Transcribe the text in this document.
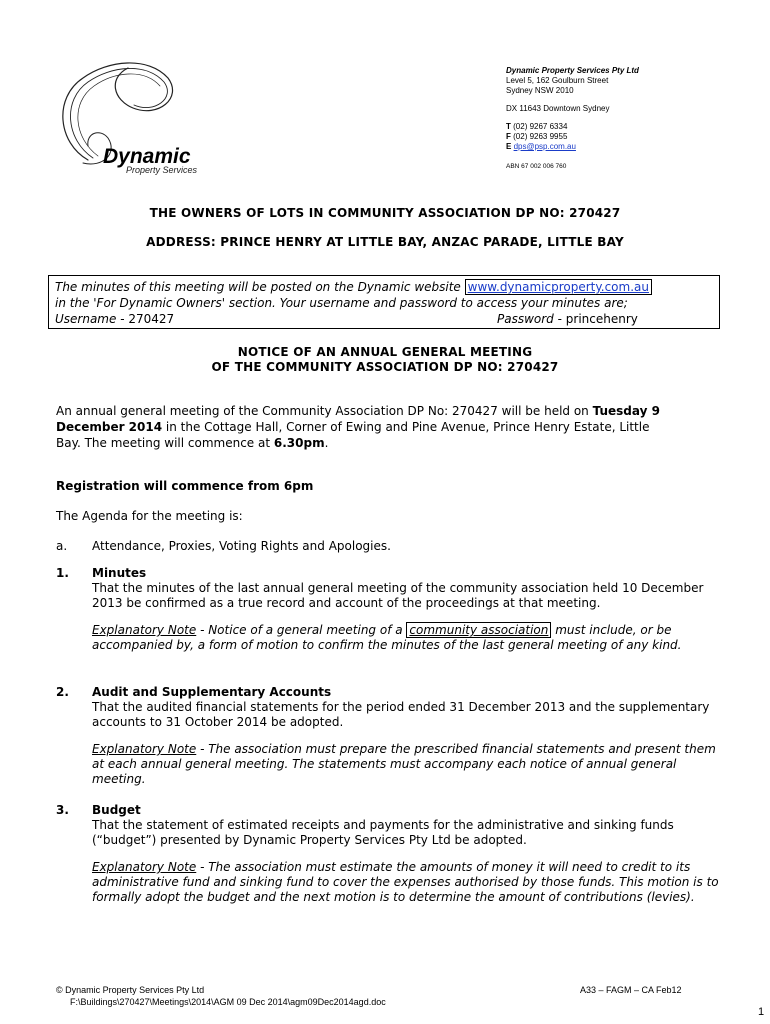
Dynamic
Property Services
Dynamic Property Services Pty Ltd
Level 5, 162 Goulburn Street
Sydney NSW 2010
DX 11643 Downtown Sydney
T (02) 9267 6334
F (02) 9263 9955
E dps@psp.com.au
ABN 67 002 006 760
THE OWNERS OF LOTS IN COMMUNITY ASSOCIATION DP NO: 270427
ADDRESS: PRINCE HENRY AT LITTLE BAY, ANZAC PARADE, LITTLE BAY
The minutes of this meeting will be posted on the Dynamic website www.dynamicproperty.com.au
in the 'For Dynamic Owners' section. Your username and password to access your minutes are;
Username - 270427	Password - princehenry
NOTICE OF AN ANNUAL GENERAL MEETING
OF THE COMMUNITY ASSOCIATION DP NO: 270427
An annual general meeting of the Community Association DP No: 270427 will be held on Tuesday 9
December 2014 in the Cottage Hall, Corner of Ewing and Pine Avenue, Prince Henry Estate, Little
Bay. The meeting will commence at 6.30pm.
Registration will commence from 6pm
The Agenda for the meeting is:
a. Attendance, Proxies, Voting Rights and Apologies.
1. Minutes
That the minutes of the last annual general meeting of the community association held 10 December 2013 be confirmed as a true record and account of the proceedings at that meeting.
Explanatory Note - Notice of a general meeting of a community association must include, or be accompanied by, a form of motion to confirm the minutes of the last general meeting of any kind.
2. Audit and Supplementary Accounts
That the audited financial statements for the period ended 31 December 2013 and the supplementary accounts to 31 October 2014 be adopted.
Explanatory Note - The association must prepare the prescribed financial statements and present them at each annual general meeting. The statements must accompany each notice of annual general meeting.
3. Budget
That the statement of estimated receipts and payments for the administrative and sinking funds (“budget”) presented by Dynamic Property Services Pty Ltd be adopted.
Explanatory Note - The association must estimate the amounts of money it will need to credit to its administrative fund and sinking fund to cover the expenses authorised by those funds. This motion is to formally adopt the budget and the next motion is to determine the amount of contributions (levies).
© Dynamic Property Services Pty Ltd
F:\Buildings\270427\Meetings\2014\AGM 09 Dec 2014\agm09Dec2014agd.doc
A33 – FAGM – CA Feb12
1
